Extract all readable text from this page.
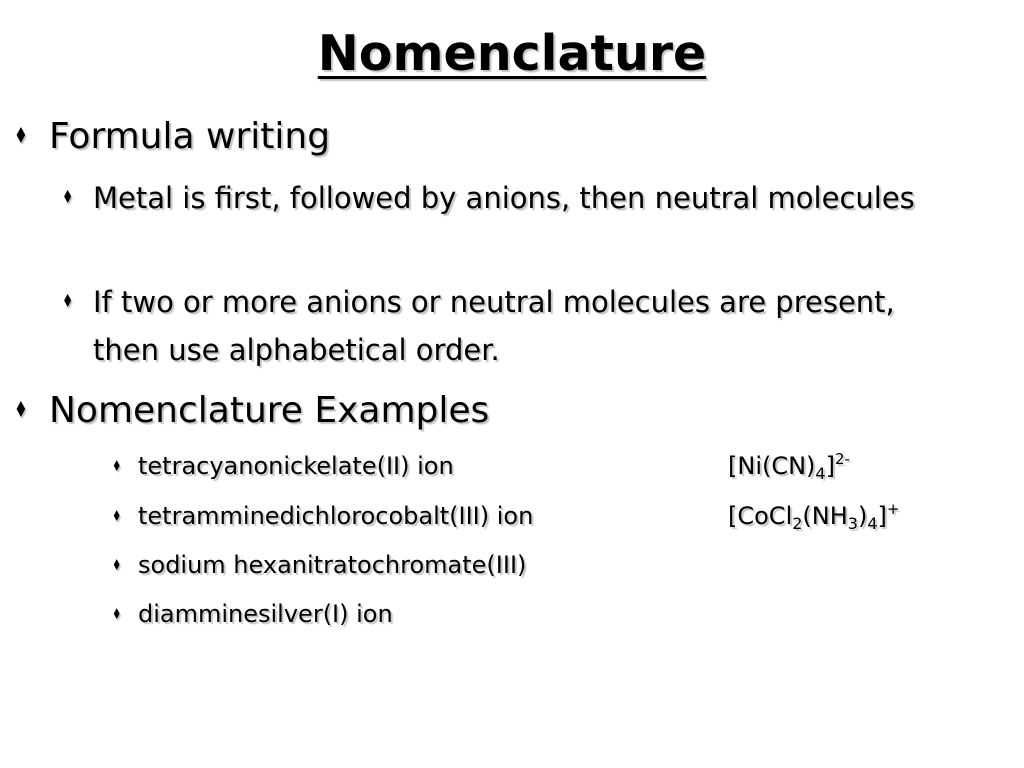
Nomenclature
♦ Formula writing
♦ Metal is first, followed by anions, then neutral molecules
♦ If two or more anions or neutral molecules are present, then use alphabetical order.
♦ Nomenclature Examples
♦ tetracyanonickelate(II) ion	$[Ni(CN)_4]^{2-}$
♦ tetramminedichlorocobalt(III) ion	$[CoCl_2(NH_3)_4]^+$
♦ sodium hexanitratochromate(III)
♦ diamminesilver(I) ion
